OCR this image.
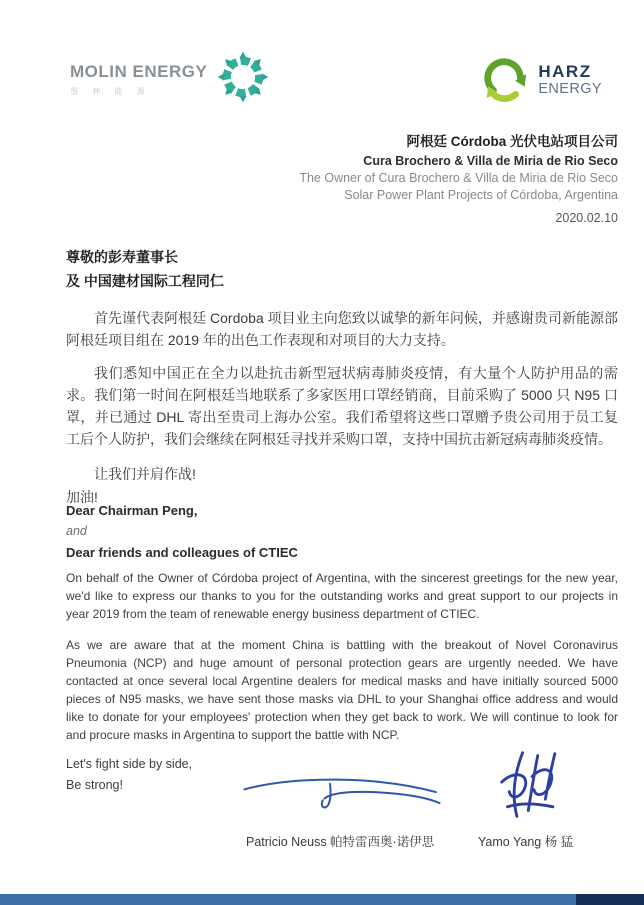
MOLIN ENERGY
墨 林 能 源
HARZ
ENERGY
阿根廷 Córdoba 光伏电站项目公司
Cura Brochero & Villa de Miria de Rio Seco
The Owner of Cura Brochero & Villa de Miria de Rio Seco
Solar Power Plant Projects of Córdoba, Argentina
2020.02.10
尊敬的彭寿董事长
及 中国建材国际工程同仁

首先谨代表阿根廷 Cordoba 项目业主向您致以诚挚的新年问候，并感谢贵司新能源部阿根廷项目组在 2019 年的出色工作表现和对项目的大力支持。

我们悉知中国正在全力以赴抗击新型冠状病毒肺炎疫情，有大量个人防护用品的需求。我们第一时间在阿根廷当地联系了多家医用口罩经销商，目前采购了 5000 只 N95 口罩，并已通过 DHL 寄出至贵司上海办公室。我们希望将这些口罩赠予贵公司用于员工复工后个人防护，我们会继续在阿根廷寻找并采购口罩，支持中国抗击新冠病毒肺炎疫情。

让我们并肩作战!
加油!
Dear Chairman Peng,
and
Dear friends and colleagues of CTIEC

On behalf of the Owner of Córdoba project of Argentina, with the sincerest greetings for the new year, we'd like to express our thanks to you for the outstanding works and great support to our projects in year 2019 from the team of renewable energy business department of CTIEC.

As we are aware that at the moment China is battling with the breakout of Novel Coronavirus Pneumonia (NCP) and huge amount of personal protection gears are urgently needed. We have contacted at once several local Argentine dealers for medical masks and have initially sourced 5000 pieces of N95 masks, we have sent those masks via DHL to your Shanghai office address and would like to donate for your employees' protection when they get back to work. We will continue to look for and procure masks in Argentina to support the battle with NCP.

Let's fight side by side,
Be strong!
Patricio Neuss 帕特雷西奥·诺伊思	Yamo Yang 杨 猛
